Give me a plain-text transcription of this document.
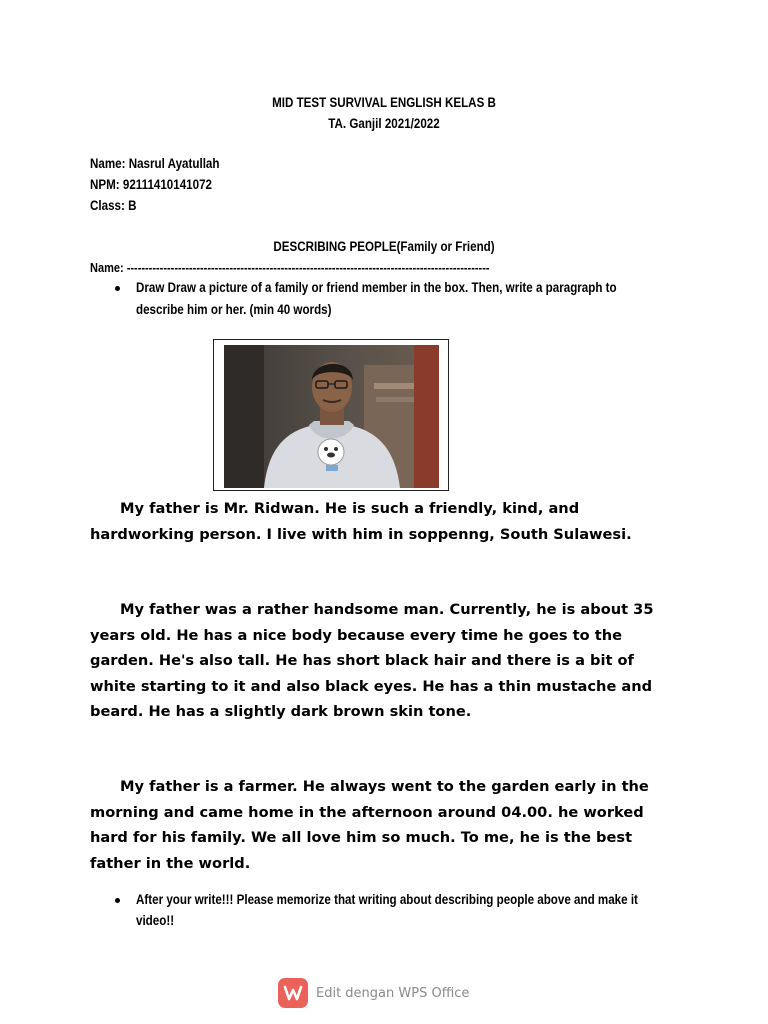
MID TEST SURVIVAL ENGLISH KELAS B
TA. Ganjil 2021/2022
Name: Nasrul Ayatullah
NPM: 92111410141072
Class: B
DESCRIBING PEOPLE(Family or Friend)
Name: ---------------------------------------------------------------------------------------------------
Draw Draw a picture of a family or friend member in the box. Then, write a paragraph to
describe him or her. (min 40 words)

My father is Mr. Ridwan. He is such a friendly, kind, and hardworking person. I live with him in soppenng, South Sulawesi.

My father was a rather handsome man. Currently, he is about 35 years old. He has a nice body because every time he goes to the garden. He's also tall. He has short black hair and there is a bit of white starting to it and also black eyes. He has a thin mustache and beard. He has a slightly dark brown skin tone.

My father is a farmer. He always went to the garden early in the morning and came home in the afternoon around 04.00. he worked hard for his family. We all love him so much. To me, he is the best father in the world.

After your write!!! Please memorize that writing about describing people above and make it
video!!
Edit dengan WPS Office
